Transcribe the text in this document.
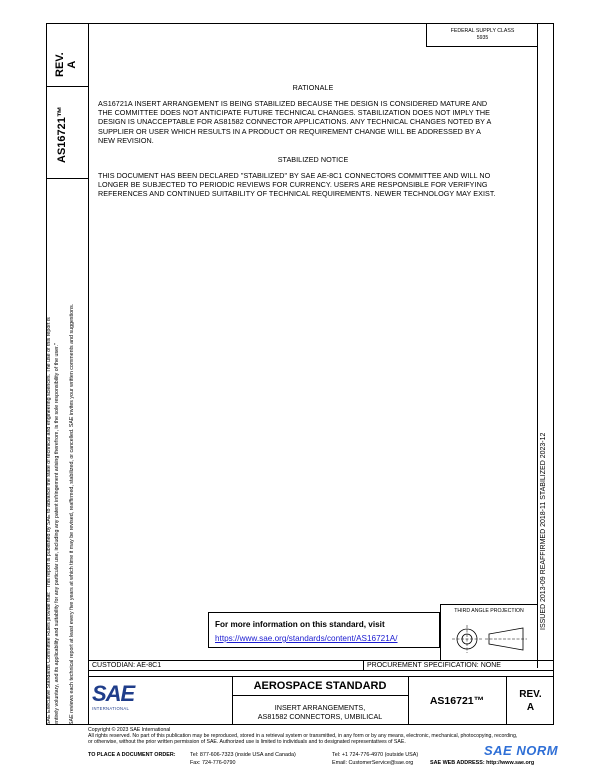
FEDERAL SUPPLY CLASS
5935
REV. A
AS16721™
SAE Executive Standards Committee Rules provide that: "This report is published by SAE to advance the state of technical and engineering sciences. The use of this report is entirely voluntary, and its applicability and suitability for any particular use, including any patent infringement arising therefrom, is the sole responsibility of the user." SAE reviews each technical report at least every five years at which time it may be revised, reaffirmed, stabilized, or cancelled. SAE invites your written comments and suggestions.	ISSUED 2013-09 REAFFIRMED 2018-11 STABILIZED 2023-12
RATIONALE
AS16721A INSERT ARRANGEMENT IS BEING STABILIZED BECAUSE THE DESIGN IS CONSIDERED MATURE AND
THE COMMITTEE DOES NOT ANTICIPATE FUTURE TECHNICAL CHANGES. STABILIZATION DOES NOT IMPLY THE
DESIGN IS UNACCEPTABLE FOR AS81582 CONNECTOR APPLICATIONS. ANY TECHNICAL CHANGES NOTED BY A
SUPPLIER OR USER WHICH RESULTS IN A PRODUCT OR REQUIREMENT CHANGE WILL BE ADDRESSED BY A
NEW REVISION.
STABILIZED NOTICE
THIS DOCUMENT HAS BEEN DECLARED "STABILIZED" BY SAE AE-8C1 CONNECTORS COMMITTEE AND WILL NO
LONGER BE SUBJECTED TO PERIODIC REVIEWS FOR CURRENCY. USERS ARE RESPONSIBLE FOR VERIFYING
REFERENCES AND CONTINUED SUITABILITY OF TECHNICAL REQUIREMENTS. NEWER TECHNOLOGY MAY EXIST.
For more information on this standard, visit
https://www.sae.org/standards/content/AS16721A/
THIRD ANGLE PROJECTION
CUSTODIAN: AE-8C1	PROCUREMENT SPECIFICATION: NONE
SAE
INTERNATIONAL
AEROSPACE STANDARD
INSERT ARRANGEMENTS,
AS81582 CONNECTORS, UMBILICAL
AS16721™
REV.
A
Copyright © 2023 SAE International
All rights reserved. No part of this publication may be reproduced, stored in a retrieval system or transmitted, in any form or by any means, electronic, mechanical, photocopying, recording,
or otherwise, without the prior written permission of SAE. Authorized use is limited to individuals and to designated representatives of SAE.
TO PLACE A DOCUMENT ORDER:	Tel: 877-606-7323 (inside USA and Canada)	Tel: +1 724-776-4970 (outside USA)
Fax: 724-776-0790	Email: CustomerService@sae.org	SAE WEB ADDRESS: http://www.sae.org
SAE NORM
